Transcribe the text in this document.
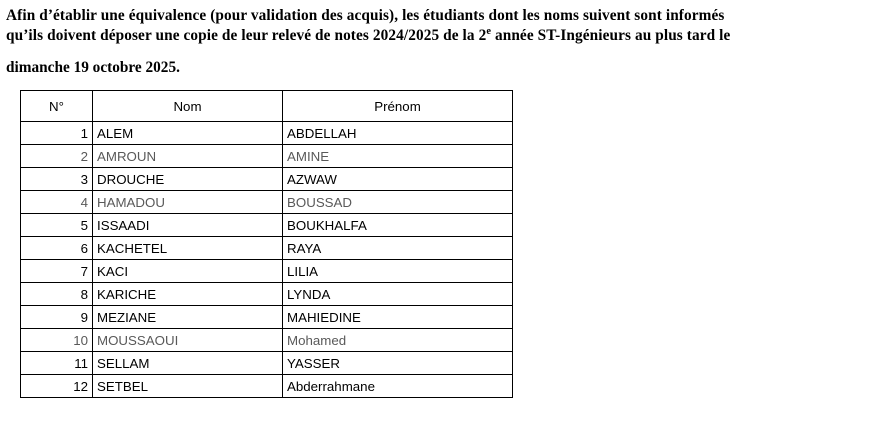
Afin d’établir une équivalence (pour validation des acquis), les étudiants dont les noms suivent sont informés
qu’ils doivent déposer une copie de leur relevé de notes 2024/2025 de la 2e année ST-Ingénieurs au plus tard le

dimanche 19 octobre 2025.

N°	Nom	Prénom
1	ALEM	ABDELLAH
2	AMROUN	AMINE
3	DROUCHE	AZWAW
4	HAMADOU	BOUSSAD
5	ISSAADI	BOUKHALFA
6	KACHETEL	RAYA
7	KACI	LILIA
8	KARICHE	LYNDA
9	MEZIANE	MAHIEDINE
10	MOUSSAOUI	Mohamed
11	SELLAM	YASSER
12	SETBEL	Abderrahmane
